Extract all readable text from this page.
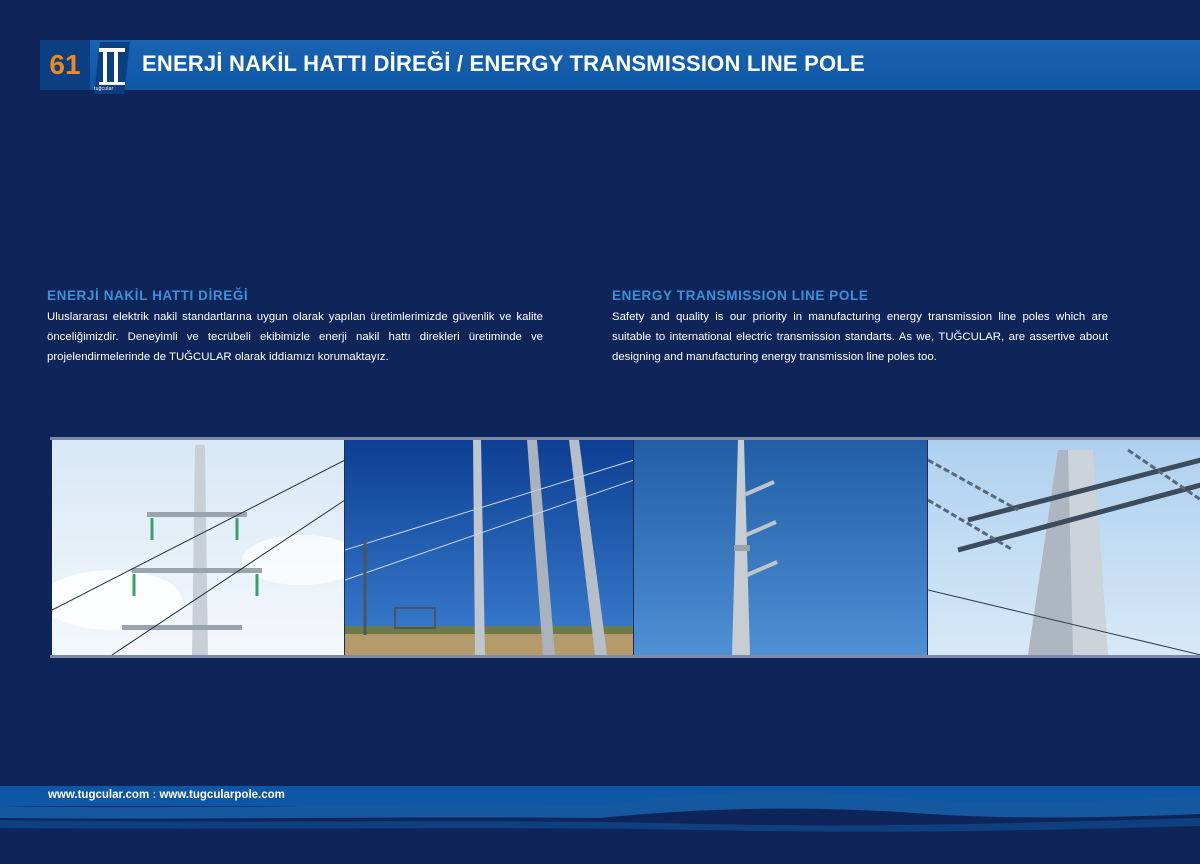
61
tuğcular
ENERJİ NAKİL HATTI DİREĞİ / ENERGY TRANSMISSION LINE POLE
ENERJİ NAKİL HATTI DİREĞİ
Uluslararası elektrik nakil standartlarına uygun olarak yapılan üretimlerimizde güvenlik ve kalite önceliğimizdir. Deneyimli ve tecrübeli ekibimizle enerji nakil hattı direkleri üretiminde ve projelendirmelerinde de TUĞCULAR olarak iddiamızı korumaktayız.
ENERGY TRANSMISSION LINE POLE
Safety and quality is our priority in manufacturing energy transmission line poles which are suitable to international electric transmission standarts. As we, TUĞCULAR, are assertive about designing and manufacturing energy transmission line poles too.
www.tugcular.com : www.tugcularpole.com
